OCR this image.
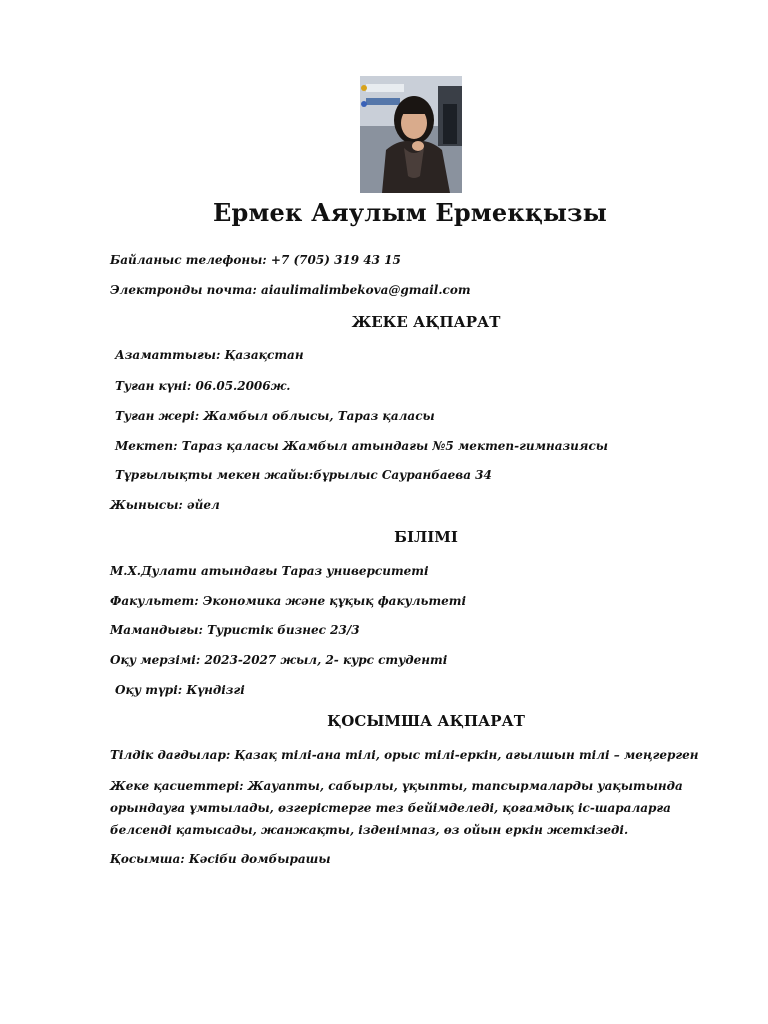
Ермек Аяулым Ермекқызы

Байланыс телефоны: +7 (705) 319 43 15

Электронды почта: aiaulimalimbekova@gmail.com

ЖЕКЕ АҚПАРАТ

Азаматтығы: Қазақстан

Туған күні: 06.05.2006ж.

Туған жері: Жамбыл облысы, Тараз қаласы

Мектеп: Тараз қаласы Жамбыл атындағы №5 мектеп-гимназиясы

Тұрғылықты мекен жайы:бұрылыс Сауранбаева 34

Жынысы: әйел

БІЛІМІ

М.Х.Дулати атындағы Тараз университеті

Факультет: Экономика және құқық факультеті

Мамандығы: Туристік бизнес 23/3

Оқу мерзімі: 2023-2027 жыл, 2- курс студенті

Оқу түрі: Күндізгі

ҚОСЫМША АҚПАРАТ

Тілдік дағдылар: Қазақ тілі-ана тілі, орыс тілі-еркін, ағылшын тілі – меңгерген

Жеке қасиеттері: Жауапты, сабырлы, ұқыпты, тапсырмаларды уақытында орындауға ұмтылады, өзгерістерге тез бейімделеді, қоғамдық іс-шараларға белсенді қатысады, жанжақты, ізденімпаз, өз ойын еркін жеткізеді.

Қосымша: Кәсіби домбырашы
